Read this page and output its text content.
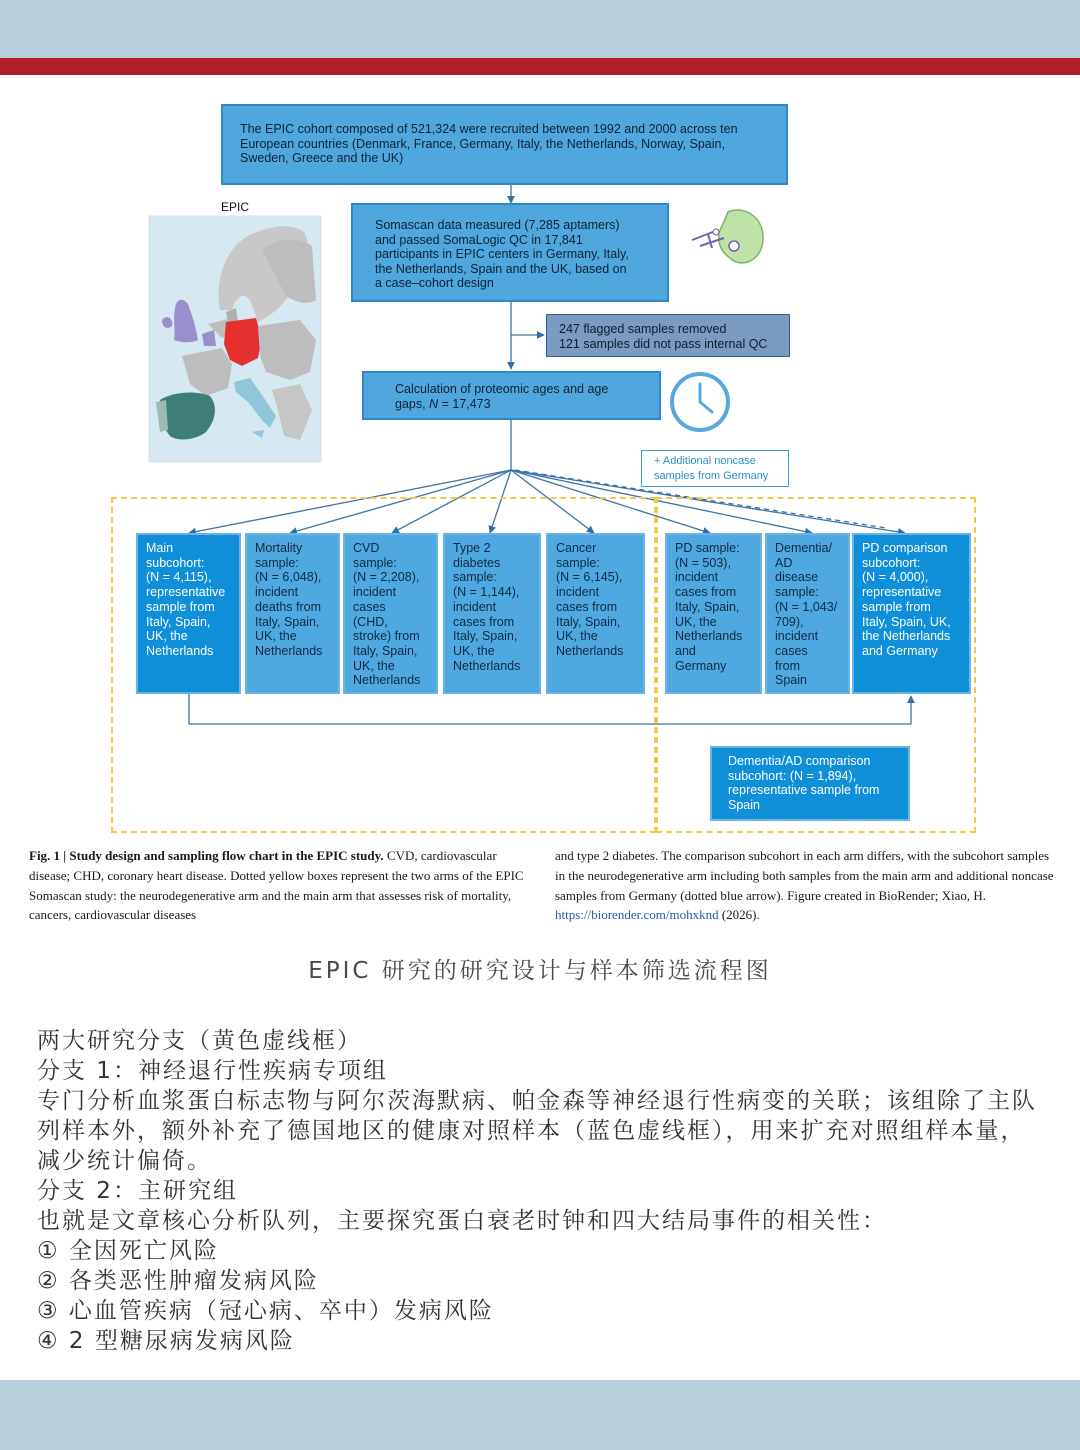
EPIC
The EPIC cohort composed of 521,324 were recruited between 1992 and 2000 across ten
European countries (Denmark, France, Germany, Italy, the Netherlands, Norway, Spain,
Sweden, Greece and the UK)
Somascan data measured (7,285 aptamers)
and passed SomaLogic QC in 17,841
participants in EPIC centers in Germany, Italy,
the Netherlands, Spain and the UK, based on
a case–cohort design
247 flagged samples removed
121 samples did not pass internal QC
Calculation of proteomic ages and age
gaps, N = 17,473
+ Additional noncase
samples from Germany
Main
subcohort:
(N = 4,115),
representative
sample from
Italy, Spain,
UK, the
Netherlands
Mortality
sample:
(N = 6,048),
incident
deaths from
Italy, Spain,
UK, the
Netherlands
CVD
sample:
(N = 2,208),
incident
cases
(CHD,
stroke) from
Italy, Spain,
UK, the
Netherlands
Type 2
diabetes
sample:
(N = 1,144),
incident
cases from
Italy, Spain,
UK, the
Netherlands
Cancer
sample:
(N = 6,145),
incident
cases from
Italy, Spain,
UK, the
Netherlands
PD sample:
(N = 503),
incident
cases from
Italy, Spain,
UK, the
Netherlands
and
Germany
Dementia/
AD
disease
sample:
(N = 1,043/
709),
incident
cases
from
Spain
PD comparison
subcohort:
(N = 4,000),
representative
sample from
Italy, Spain, UK,
the Netherlands
and Germany
Dementia/AD comparison
subcohort: (N = 1,894),
representative sample from
Spain
Fig. 1 | Study design and sampling flow chart in the EPIC study. CVD, cardiovascular disease; CHD, coronary heart disease. Dotted yellow boxes represent the two arms of the EPIC Somascan study: the neurodegenerative arm and the main arm that assesses risk of mortality, cancers, cardiovascular diseases
and type 2 diabetes. The comparison subcohort in each arm differs, with the subcohort samples in the neurodegenerative arm including both samples from the main arm and additional noncase samples from Germany (dotted blue arrow). Figure created in BioRender; Xiao, H. https://biorender.com/mohxknd (2026).
EPIC 研究的研究设计与样本筛选流程图
两大研究分支（黄色虚线框）
分支 1：神经退行性疾病专项组
专门分析血浆蛋白标志物与阿尔茨海默病、帕金森等神经退行性病变的关联；该组除了主队列样本外，额外补充了德国地区的健康对照样本（蓝色虚线框），用来扩充对照组样本量，减少统计偏倚。
分支 2：主研究组
也就是文章核心分析队列，主要探究蛋白衰老时钟和四大结局事件的相关性：
① 全因死亡风险
② 各类恶性肿瘤发病风险
③ 心血管疾病（冠心病、卒中）发病风险
④ 2 型糖尿病发病风险
